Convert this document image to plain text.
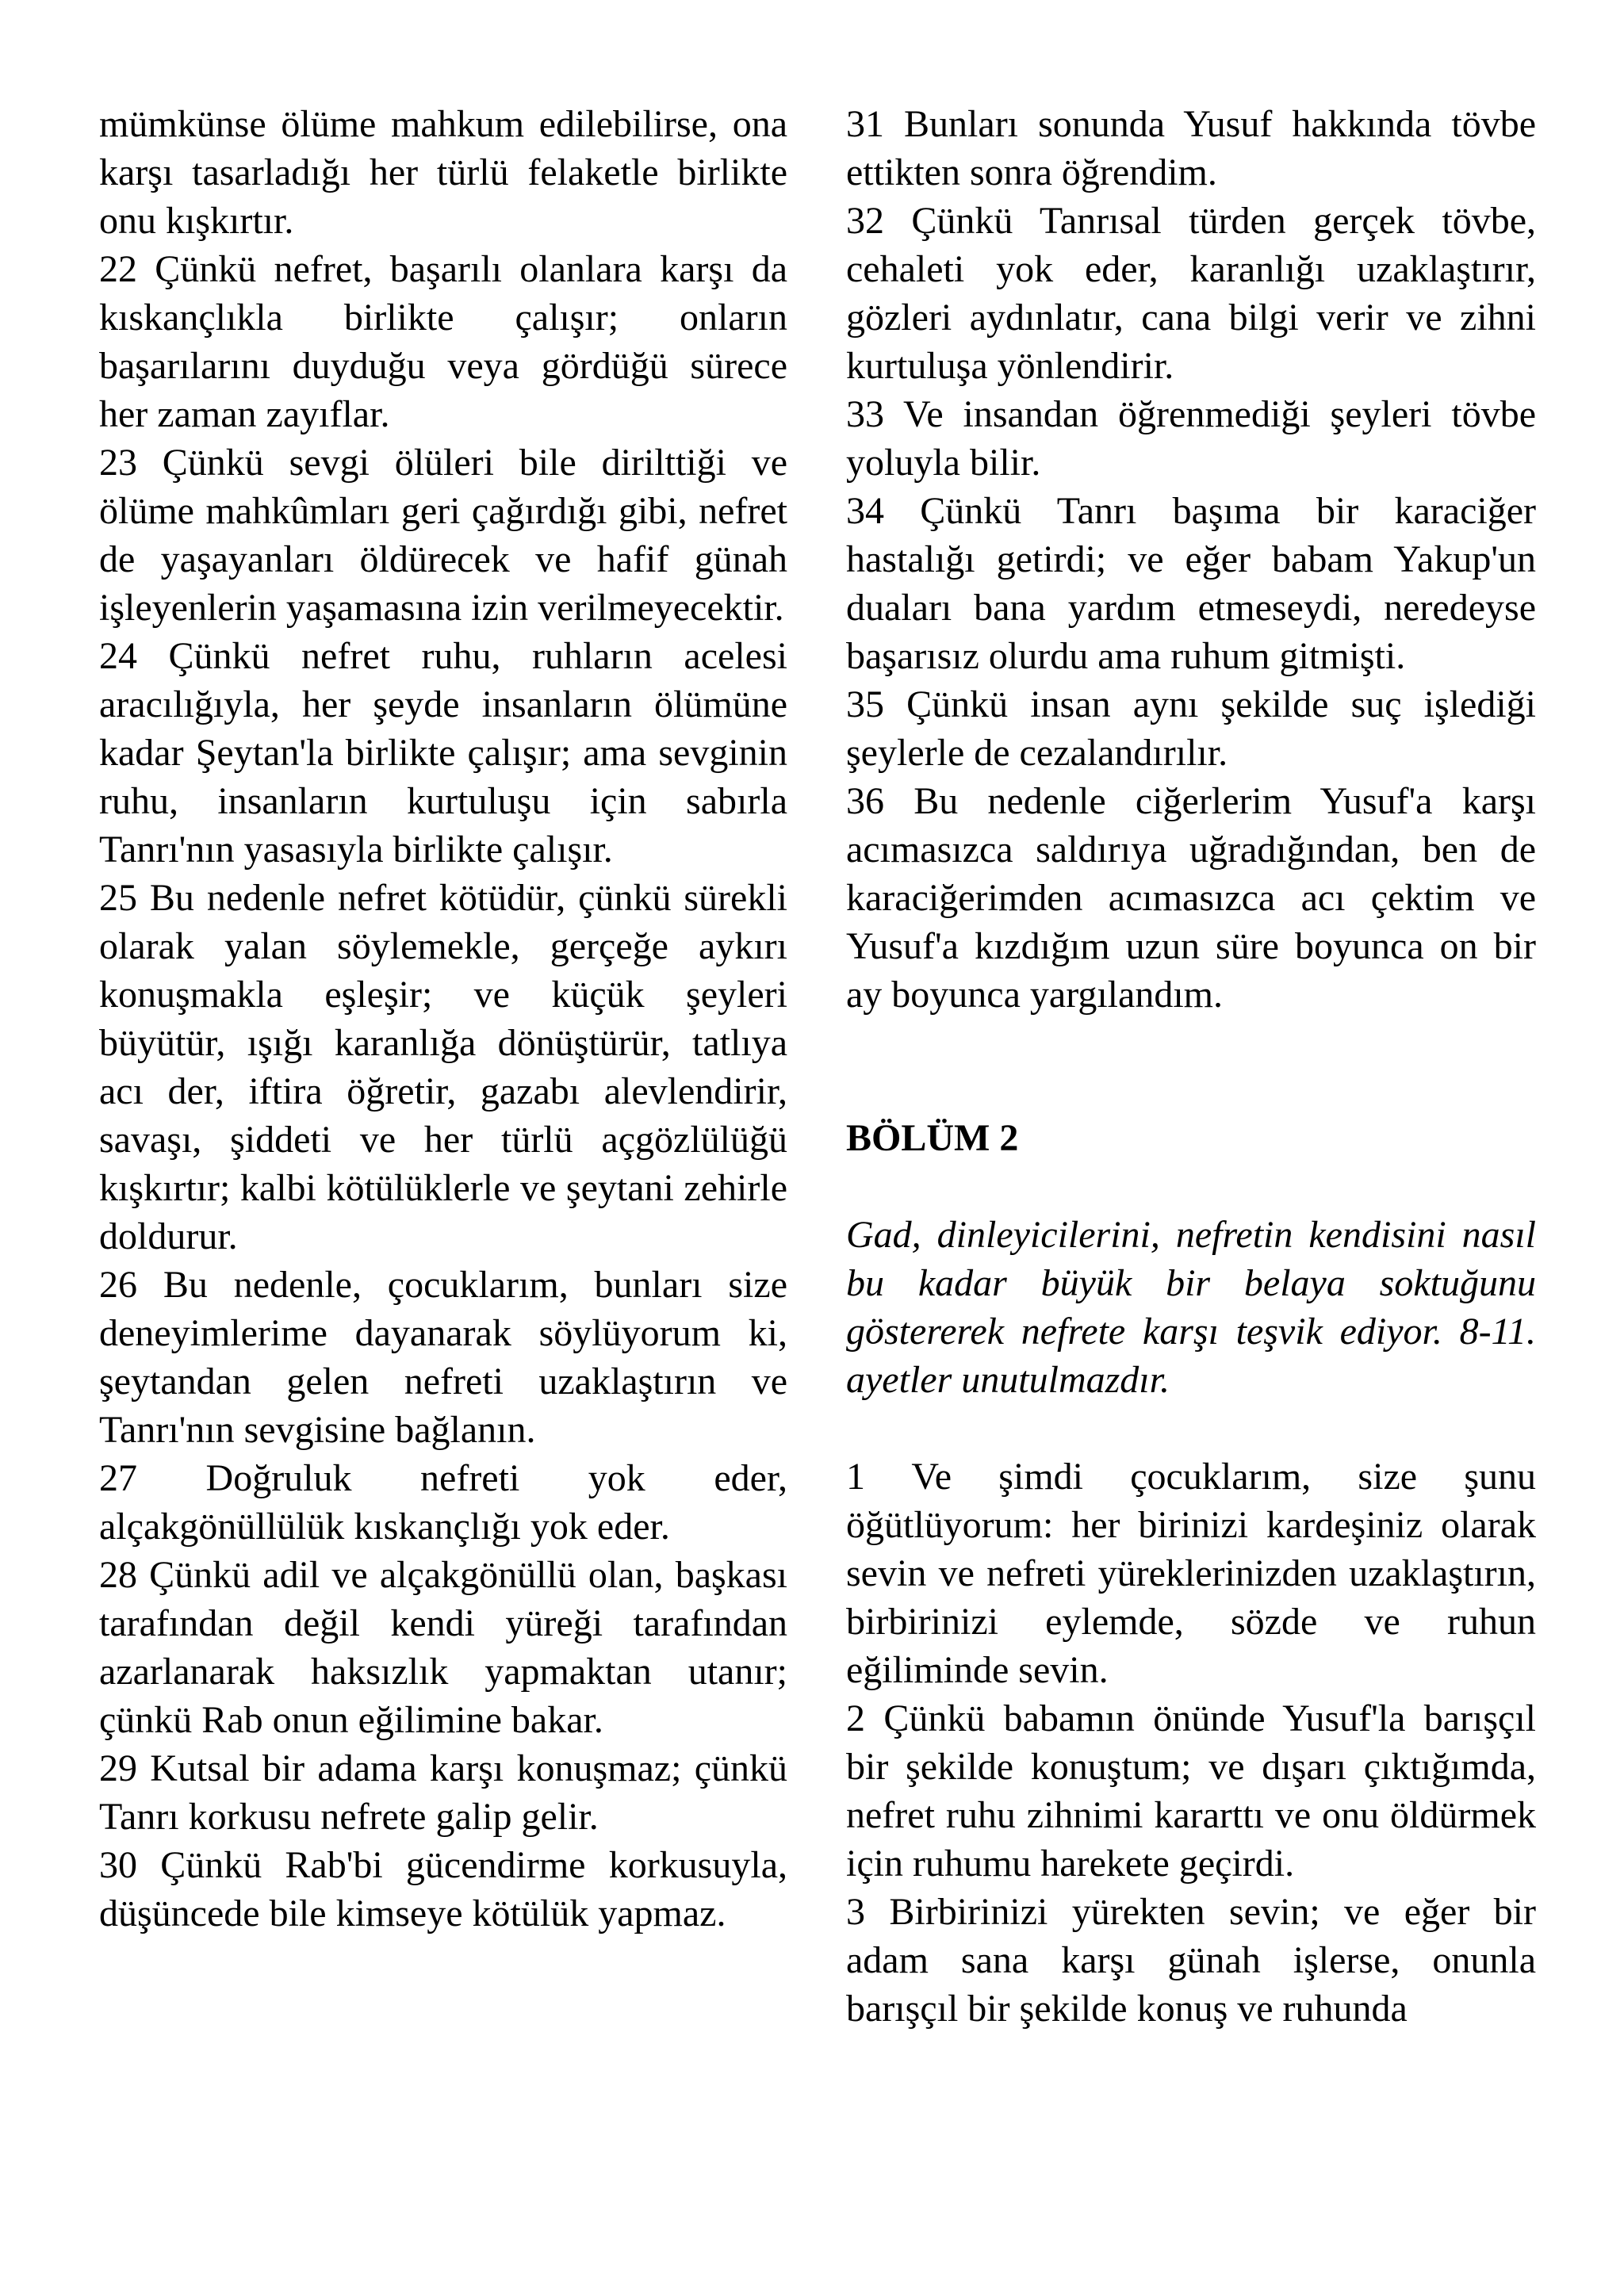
mümkünse ölüme mahkum edilebilirse, ona karşı tasarladığı her türlü felaketle birlikte onu kışkırtır.

22 Çünkü nefret, başarılı olanlara karşı da kıskançlıkla birlikte çalışır; onların başarılarını duyduğu veya gördüğü sürece her zaman zayıflar.

23 Çünkü sevgi ölüleri bile dirilttiği ve ölüme mahkûmları geri çağırdığı gibi, nefret de yaşayanları öldürecek ve hafif günah işleyenlerin yaşamasına izin verilmeyecektir.

24 Çünkü nefret ruhu, ruhların acelesi aracılığıyla, her şeyde insanların ölümüne kadar Şeytan'la birlikte çalışır; ama sevginin ruhu, insanların kurtuluşu için sabırla Tanrı'nın yasasıyla birlikte çalışır.

25 Bu nedenle nefret kötüdür, çünkü sürekli olarak yalan söylemekle, gerçeğe aykırı konuşmakla eşleşir; ve küçük şeyleri büyütür, ışığı karanlığa dönüştürür, tatlıya acı der, iftira öğretir, gazabı alevlendirir, savaşı, şiddeti ve her türlü açgözlülüğü kışkırtır; kalbi kötülüklerle ve şeytani zehirle doldurur.

26 Bu nedenle, çocuklarım, bunları size deneyimlerime dayanarak söylüyorum ki, şeytandan gelen nefreti uzaklaştırın ve Tanrı'nın sevgisine bağlanın.

27 Doğruluk nefreti yok eder, alçakgönüllülük kıskançlığı yok eder.

28 Çünkü adil ve alçakgönüllü olan, başkası tarafından değil kendi yüreği tarafından azarlanarak haksızlık yapmaktan utanır; çünkü Rab onun eğilimine bakar.

29 Kutsal bir adama karşı konuşmaz; çünkü Tanrı korkusu nefrete galip gelir.

30 Çünkü Rab'bi gücendirme korkusuyla, düşüncede bile kimseye kötülük yapmaz.

31 Bunları sonunda Yusuf hakkında tövbe ettikten sonra öğrendim.

32 Çünkü Tanrısal türden gerçek tövbe, cehaleti yok eder, karanlığı uzaklaştırır, gözleri aydınlatır, cana bilgi verir ve zihni kurtuluşa yönlendirir.

33 Ve insandan öğrenmediği şeyleri tövbe yoluyla bilir.

34 Çünkü Tanrı başıma bir karaciğer hastalığı getirdi; ve eğer babam Yakup'un duaları bana yardım etmeseydi, neredeyse başarısız olurdu ama ruhum gitmişti.

35 Çünkü insan aynı şekilde suç işlediği şeylerle de cezalandırılır.

36 Bu nedenle ciğerlerim Yusuf'a karşı acımasızca saldırıya uğradığından, ben de karaciğerimden acımasızca acı çektim ve Yusuf'a kızdığım uzun süre boyunca on bir ay boyunca yargılandım.

BÖLÜM 2

Gad, dinleyicilerini, nefretin kendisini nasıl bu kadar büyük bir belaya soktuğunu göstererek nefrete karşı teşvik ediyor. 8-11. ayetler unutulmazdır.

1 Ve şimdi çocuklarım, size şunu öğütlüyorum: her birinizi kardeşiniz olarak sevin ve nefreti yüreklerinizden uzaklaştırın, birbirinizi eylemde, sözde ve ruhun eğiliminde sevin.

2 Çünkü babamın önünde Yusuf'la barışçıl bir şekilde konuştum; ve dışarı çıktığımda, nefret ruhu zihnimi kararttı ve onu öldürmek için ruhumu harekete geçirdi.

3 Birbirinizi yürekten sevin; ve eğer bir adam sana karşı günah işlerse, onunla barışçıl bir şekilde konuş ve ruhunda
